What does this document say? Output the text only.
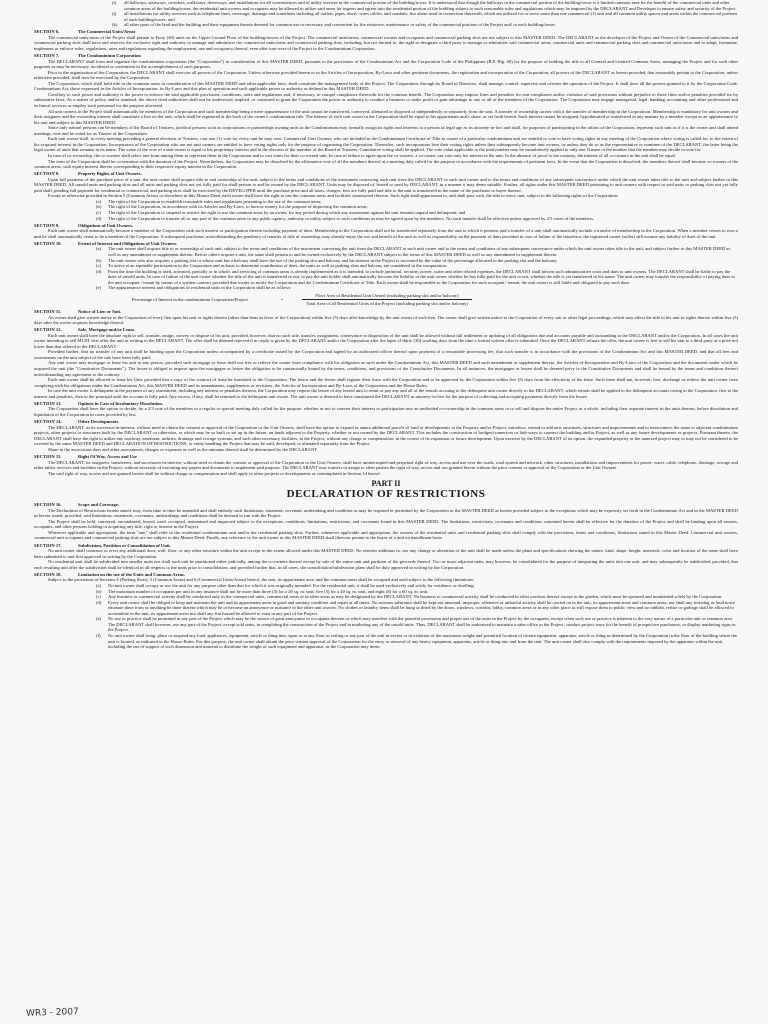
(i)	all hallways, stairways, corridors, walkways, driveways, and installations for all conveniences and of utility services in the commercial portion of the building/tower. It is understood that though the hallways in the commercial portion of the building/tower is a limited common area for the benefit of the commercial units and other common areas of the building/tower, the residential unit owners and occupants may be allowed to utilize said areas for ingress and egress into the residential portion of the building subject to such reasonable rules and regulations which may be imposed by the DECLARANT and Developer to ensure safety and security of the Project.
(j)	all installations for utility services such as telephone lines, sewerage, drainage and waterlines including all outlets, pipes, ducts, wires cables, and conduits, fire alarm used in connection therewith, which are utilized for or serve more than one commercial (1) unit and all common utility spaces and areas within the commercial portions of such building/tower; and
(k)	all other parts of the land and the building and their equipment therein deemed for common use or necessary and convenient for the existence, maintenance or safety of the commercial portions of the Project and/ or each building/tower.

SECTION 6.	The Commercial Units/Areas

The commercial units/areas of the Project shall pertain to Forty (40) units on the Upper Ground Floor of the building/towers of the Project. The commercial units/areas, commercial owners and occupants and commercial parking slots are not subject to this MASTER DEED. The DECLARANT as the developer of the Project and Owner of the Commercial units/areas and commercial parking slots shall have and reserves the exclusive right and authority to manage and administer the commercial units/areas and commercial parking slots, including, but not limited to, the right to designate a third party to manage or administer said commercial areas, commercial units and commercial parking slots and commercial units/areas and to adopt, formulate, implement or enforce rules, regulations, rates and regulations regarding the employment, use and occupancy thereof, even after turn-over of the Project to the Condominium Corporation.

SECTION 7.	The Condominium Corporation

The DECLARANT shall form and organize the condominium corporation (the "Corporation") in consideration of this MASTER DEED, pursuant to the provisions of the Condominium Act and the Corporation Code of the Philippines (B.P. Blg. 68) for the purpose of holding the title to all General and Limited Common Areas, managing the Project and for such other purposes as may be necessary, incidental or convenient to the accomplishment of such purposes.

Prior to the organization of the Corporation, the DECLARANT shall exercise all powers of the Corporation. Unless otherwise provided herein or in the Articles of Incorporation, By-Laws and other pertinent documents, the registration and incorporation of the Corporation, all powers of the DECLARANT as herein provided, that reasonably pertain to the Corporation, unless otherwise provided, shall now be exercised by the Corporation.

The Corporation, which shall hold title to the common areas in consideration of this MASTER DEED and other applicable laws, shall constitute the management body of the Project. The Corporation, through its Board of Directors, shall manage, control, supervise and oversee the operation of the Project. It shall have all the powers granted to it by the Corporation Code, Condominium Act, those expressed in the Articles of Incorporation, its By-Laws and this plan of operation and such applicable power or authority as defined in this MASTER DEED.

Corollary to such power and authority is the power to enforce the said applicable provisions, conditions, rules and regulations and, if necessary, to compel compliance therewith for the common benefit. The Corporation may impose fines and penalties for non-compliance and/or violation of said provisions without prejudice to those fines and/or penalties provided for by substantive laws. As a matter of policy and/or standard, the above cited authorities shall not be understood, implied, or construed to grant the Corporation the power or authority to conduct a business or make profit or gain advantage to any or all of the members of the Corporation. The Corporation may engage managerial, legal, banking, accounting and other professional and technical services or employ such personnel for the purpose aforesaid.

All unit owners in the Project shall automatically be members of the Corporation and such membership being a mere appurtenance of the unit cannot be transferred, conveyed, alienated or disposed of independently or separately from the unit. A transfer of ownership carries with it the transfer of membership in the Corporation. Membership is mandatory for unit owners and their assignees and the ownership interest shall constitute a lien on the unit, which shall be registered at the back of the owner's condominium title. The interest of each unit owner in the Corporation shall be equal to his appurtenant unit's share, as set forth herein. Such interest cannot be assigned, hypothecated or transferred in any manner by a member except as an appurtenance to his unit and subject to this MASTER DEED.

Since only natural persons can be members of the Board of Trustees, juridical persons such as corporations or partnerships owning units in the Condominium may formally assign its rights and interests to a person of legal age as its attorney-in-fact and shall, for purposes of participating in the affairs of the Corporation, represent such unit as if it is the owner and shall attend meetings, vote and be voted for as Trustee of the Corporation.

Each unit owner shall, in every meeting preceding a general elections of Trustees, cast one (1) vote for every unit he may own. Commercial Unit Owners, who are included in the Condominium Certificate of Title as owner of a particular condominium unit are entitled to vote to have voting rights in any meeting of the Corporation where voting is called for, to the extent of his acquired interest in the Corporation. Incorporators of the Corporation who are not unit owners are entitled to have voting rights only for the purpose of organizing the Corporation. Thereafter, such incorporators lose their voting rights unless they subsequently become unit owners, or unless they do so as the representative or nominee of the DECLARANT, the latter being the legal owner of units that remains in its name. The value of the vote of a unit owner is equal to his proprietary interest and in the election of the member of the Board of Trustees. Cumulative voting shall be applied. The vote value applicable to the total number may be cumulatively applied to only one Trustee or the number that the member may decide to vote for.

In case of co-ownership, the co-owners shall select one from among them to represent them in the Corporation and to cast votes for their co-owned unit. In case of failure to agree upon the co-owners, a co-owner can vote only his interest in the unit. In the absence of proof to the contrary, the interest of all co-owners in the unit shall be equal.

The term of the Corporation shall be co-terminus with the duration of the Project. Nevertheless, the Corporation may be dissolved by the affirmative vote of all the members thereof at a meeting duly called for the purpose in accordance with the requirements of pertinent laws. In the event that the Corporation is dissolved, the members thereof shall become co-owners of the common areas, with equity interest thereto corresponding to their respective equity interest in the Corporation.

SECTION 8.	Property Rights of Unit Owners.

Upon full payment of the purchase price of a unit, the unit owner shall acquire title to and ownership of the unit, subject to the terms and conditions of the instrument conveying such unit from the DECLARANT to such unit owner and to the terms and conditions of any subsequent conveyance under which the unit owner takes title to the unit and subject further to this MASTER DEED. All unsold units and parking slots and all units and parking slots not yet fully paid for shall pertain to and be owned by the DECLARANT. Units may be disposed of, leased or used by DECLARANT, in a manner it may deem suitable. Further, all rights under this MASTER DEED pertaining to unit owners with respect to said units or parking slots not yet fully paid shall, pending full payment for residential or commercial, and parking slots shall be exercised by the DEVELOPER until the purchase price and all taxes, charges, fees are fully paid and title to the unit is transferred in the name of the purchaser or buyer thereof.

Except as otherwise provided in Section 5 (Common Areas) or elsewhere in this Master Deed, each owner shall have the right to use the common areas and facilities constructed thereon. Such right shall appurtenant to, and shall pass with, the title to every unit, subject to the following rights of the Corporation:

(a)	The right of the Corporation to establish reasonable rules and regulations pertaining to the use of the common areas;
(b)	The right of the Corporation, in accordance with its Articles and By-Laws, to borrow money for the purpose of improving the common areas;
(c)	The right of the Corporation to suspend or restrict the right to use the common areas by an owner, for any period during which any assessment against his unit remains unpaid and delinquent; and
(d)	The right of the Corporation to transfer all or any part of the common areas to any public agency, authority or utility subject to such conditions as may be agreed upon by the members. No such transfer shall be effective unless approved by 2/3 votes of the members.

SECTION 9.	Obligations of Unit Owners.

Each unit owner shall automatically become a member of the Corporation with such interest or participation therein including payment of dues. Membership in the Corporation shall not be transferred separately from the unit to which it pertains and a transfer of a unit shall automatically include a transfer of membership in the Corporation. When a member ceases to own a unit he shall automatically cease to be a member of the Corporation. A subsequent purchaser, notwithstanding the pendency of transfer of title of ownership, may already enjoy the use and benefit of the unit as well as responsibility on the payment of dues provided in case of failure of the transferor, the registered owner (seller) still assume any liability of dues of the unit.

SECTION 10.	Extent of Interest and Obligations of Unit Owners.

(a)	The unit owner shall acquire title to or ownership of such unit, subject to the terms and conditions of the instrument conveying the unit from the DECLARANT to such unit owner and to the terms and conditions of any subsequent conveyance under which the unit owner takes title to the unit, and subject further to this MASTER DEED as well as any amendment or supplement thereto. Before others acquire a unit, the same shall pertain to and be owned exclusively by the DECLARANT subject to the terms of this MASTER DEED as well as any amendment or supplement thereto.
(b)	The unit owner who also acquires a parking slot or whose unit has a balcony shall have the use of the parking slot and balcony and his interest in the Project is increased by the value of the percentage allocated to the parking slot and the balcony.
(c)	To arrive at an equitable participation in the Corporation and as basis to determine contribution of dues, the units as well as parking slots and balcony are considered in the computation.
(d)	From the time the building is used, activated, partially or in whole, and servicing of common areas is already implemented as it is intended, to include janitorial, security, power, water and other related expenses, the DECLARANT shall inform such administrative costs and dues to unit owners. The DECLARANT shall be liable to pay the dues of unsold units. In case of failure of the unit owner whether the title of the unit is transferred or not, to pay the unit holder shall automatically become the liability of the unit owner whether he has fully paid for the unit or not, whether the title is yet transferred in his name. The unit owner may transfer the responsibility of paying dues to the unit occupant / tenant by means of a written contract provided that owner so notify the Corporation and the Condominium Certificate of Title. Each owner shall be responsible to the Corporation for such occupant / tenant, the unit owner is still liable and obligated to pay such dues.
(e)	The appurtenance interest and obligations of residential units in the Corporation shall be as follows:
Percentage of Interest in the condominium Corporation/Project	=
Floor Area of Residential Unit Owned (including parking slot and/or balcony)
Total Area of all Residential Units of the Project (including parking slot and/or balcony)

SECTION 11.	Notice of Lien or Suit.

An owner shall give written notice to the Corporation of every lien upon his unit or rights thereto (other than liens in favor of the Corporation) within five (5) days after knowledge by the unit owner of such lien. The owner shall give written notice to the Corporation of every suit or other legal proceedings, which may affect the title to his unit or rights thereto within five (5) days after the owner acquires knowledge thereof.

SECTION 12.	Sale, Mortgage and/or Lease.

Each unit owner shall have the absolute right to sell, transfer, assign, convey or dispose of his unit, provided, however, that no such sale, transfer, assignment, conveyance or disposition of the unit shall be allowed without full settlement or updating of all obligations due and accounts payable and outstanding to the DECLARANT and/or the Corporation. In all cases the unit owner intending to sell MUST first offer the unit in writing to the DECLARANT. The offer shall be deemed rejected if no reply is given by the DECLARANT and/or the Corporation after the lapse of thirty (30) working days from the time a formal written offer is submitted. Once the DECLARANT refuses the offer, the unit owner is free to sell his unit to a third party at a price not lower than that offered to the DECLARANT.

Provided further, that no transfer of any unit shall be binding upon the Corporation unless accompanied by a certificate issued by the Corporation and signed by an authorized officer thereof upon payment of a reasonable processing fee, that such transfer is in accordance with the provisions of the Condominium Act and this MASTER DEED, and that all fees and assessments on the unit subject of the sale have been fully paid.

Any unit owner may mortgage or lease his unit to any person, provided such mortgage or lease shall not free or relieve the owner from compliance with his obligation as such under the Condominium Act, this MASTER DEED and such amendment or supplement thereto, the Articles of Incorporation and By-Laws of the Corporation and the documents under which he acquired the unit (the "Constitutive Documents"). The lessee is obliged to impose upon the mortgagee or lessee the obligation to be contractually bound by the terms, conditions, and provisions of the Constitutive Documents. In all instances, the mortgagee or lessee shall be deemed privy to the Constitutive Documents and shall be bound by the terms and conditions thereof notwithstanding any agreement to the contrary.

Each unit owner shall be allowed to lease his Unit, provided that a copy of the contract of lease be furnished to the Corporation. The lessor and the lessee shall register their lease with the Corporation and to be approved by the Corporation within five (5) days from the effectivity of the lease. Such lease shall not, however, free, discharge or relieve the unit owner from complying with his obligations under the Condominium Act, this MASTER DEED and its amendments, supplements or revisions, the Articles of Incorporation and By-Laws of the Corporation and the House Rules.

In case the unit owner is delinquent in the payment of any assessment, including any interest or penalties thereon, the Corporation may require the lessee of any leased unit to remit or pay any and all of the rentals accruing to the delinquent unit owner directly to the DECLARANT, which rentals shall be applied to the delinquent accounts owing to the Corporation, first to the interest and penalties, then to the principal until the account is fully paid. Any excess, if any, shall be returned to the delinquent unit owner. The unit owner is deemed to have constituted the DECLARANT as attorney-in-fact for the purpose of collecting and accepting payments directly from the lessee.

SECTION 13.	Options in Case of Involuntary Dissolution.

The Corporation shall have the option to decide, by a 2/3 vote of the members in a regular or special meeting duly called for the purpose, whether or not to convert their interest or participation into an undivided co-ownership in the common areas or to sell and dispose the entire Project as a whole, including their separate interest in the units therein, before dissolution and liquidation of the Corporation in cases provided by law.

SECTION 14.	Other Developments

The DECLARANT, as its successor-in-interest, without need to obtain the consent or approval of the Corporation or the Unit Owners, shall have the option to expand or annex additional parcels of land or developments to the Property and/or Project, introduce, extend or add new structures, structures and improvements and to interconnect the same to adjacent condominium projects, other projects or structures built by the DECLARANT or otherwise, or which may be so built or set up in the future, on lands adjacent to the Property, whether or not owned by the DECLARANT. This includes the construction of bridges/connectors or link-ways to connect the building and/or Project, as well as any future developments or projects. Pursuant thereto, the DECLARANT shall have the right to utilize any roadway, easement, utilities, drainage and sewage systems, and such other necessary facilities, in the Project, without any charge or compensation, in the course of its expansion or future development. Upon exercise by the DECLARANT of its option, the expanded property or the annexed project may or may not be considered to be covered by the same MASTER DEED and DECLARATION OF RESTRICTIONS, or entity handling the Project that may be sold, developed, or alienated separately from the Project.

Share in the association dues and other assessments, charges or expenses as well as the amounts thereof shall be determined by the DECLARANT.

SECTION 15.	Right Of Way, Access and Use

The DECLARANT, its assignees, transferees, and successors-in-interest, without need to obtain the consent or approval of the Corporation or the Unit Owners, shall have uninterrupted and perpetual right of way, access and use over the roads, road system and network, other structures, installations and improvements for power, water, cable, telephone, drainage, sewage and other utility services and facilities in the Project, without necessity of executing any papers and documents to implement said purpose. The DECLARANT may transfer or assign to other parties the right of way, access and use granted herein without the prior consent or approval of the Corporation or the Unit Owners.

The said right of way, access and use granted herein shall be without charge or compensation and shall apply to other projects or developments as contemplated in Section 14 hereof.

PART II
DECLARATION OF RESTRICTIONS

SECTION 16.	Scope and Coverage.

The Declaration of Restrictions herein stated, may, from time to time be amended and shall embody such limitations, easement, covenant, undertaking and condition as may be required or permitted by the Corporation or the MASTER DEED as herein provided subject to the exceptions which may be expressly set forth in the Condominium Act and in the MASTER DEED as herein stated; provided, said limitations, easements, covenants, undertakings and conditions shall be deemed to run with the Project.

The Project shall be held, conveyed, encumbered, leased, used, occupied, maintained and improved subject to the exceptions, conditions, limitations, restrictions, and covenants found in this MASTER DEED. The limitations, restrictions, covenants and conditions contained herein shall be effective for the duration of the Project and shall be binding upon all owners, occupants, and other persons holding or acquiring any title, right or interest in the Project.

Wherever applicable and appropriate, the term "unit" shall refer to the residential condominium unit and/or the residential parking slots. Further, whenever applicable and appropriate, the owners of the residential units and residential parking slots shall comply with the provisions, terms and conditions, limitations stated in this Master Deed. Commercial unit owners, commercial unit occupants and commercial parking slots are not subject to this Master Deed. Finally, any reference to the unit owner in this MASTER DEED shall likewise pertain to the buyer of a unit on installment basis.

SECTION 17.	Subdivision, Partition or Consolidation of Unit.

No unit owner shall construct or erect any additional door, wall, floor, or any other structure within the unit except to the extent allowed under this MASTER DEED. No exterior additions to, nor any change or alteration of the unit shall be made unless the plans and specifications showing the nature, kind, shape, height, materials, color and location of the same shall have been submitted to and first approved in writing by the Corporation.

No residential unit shall be subdivided into smaller units nor shall such unit be partitioned either judicially, among the co-owners thereof except by sale of the entire unit and partition of the proceeds thereof. Two or more adjacent units, may however, be consolidated for the purpose of integrating the units into one unit, and may subsequently be subdivided, provided, that each resulting unit after the subdivision shall be identical in all respects to the units prior to consolidation, and provided further that, in all cases, the consolidation/subdivision plans shall be duly approved in writing by the Corporation.

SECTION 18.	Limitation on the use of the Units and Common Areas.

Subject to the provisions of Sections 4 (Parking Slots), 5 (Common Areas) and 6 (Commercial Units/Areas) hereof, the unit, its appurtenant area, and the common areas shall be occupied and used subject to the following limitations:

(a)	No unit owner shall occupy or use the unit for any purpose other than that for which it was originally intended. For the residential unit, it shall be used exclusively and solely for residence or dwelling.
(b)	The maximum number of occupants per unit in any instance shall not be more than three (3) for a 20 sq. m. unit; five (5) for a 40 sq. m. unit, and eight (8) for a 60 sq. m. unit.
(c)	Any business or commercial activity shall be conducted only in the commercial units, commercial areas or in other areas as may be designated by the DECLARANT. No business or commercial activity shall be conducted in other portions thereof except in the garden, which must be operated and maintained solely by the Corporation.
(d)	Every unit owner shall be obliged to keep and maintain the unit and its appurtenant areas in good and sanitary condition and repair at all times. No noxious substance shall be kept nor unsound, improper, offensive or unlawful activity shall be carried on in the unit, its appurtenant areas and common areas, nor shall any irritating or loud noise emanate there from or anything be done therein which may be or become an annoyance or nuisance to the other unit owners. No clothes or laundry items shall be hung or dried by the doors, windows, corridor, lobby, common areas or in any other place as will expose them to public view and no rubbish, refuse or garbage shall be allowed to accumulate in the unit, its appurtenant areas nor shall any fire hazard be allowed to exist in any part of the Project.
(e)	No use or practice shall be permitted in any part of the Project which may be the source of great annoyance to occupants thereon or which may interfere with the peaceful possession and proper use of the units in the Project by the occupants, except when such use or practice is inherent to the very nature of a particular unit or common area. The DECLARANT shall however, use any part of the Project, except sold units, in completing the construction of the Project and in marketing any of the unsold units. Thus, DECLARANT shall be authorized to maintain a sales office in the Project, conduct project tours for the benefit of prospective purchasers, or display marketing signs in the Project.
(f)	No unit owner shall bring, place or suspend any load, appliances, equipment, article or thing into, upon or at any floor or ceiling or any part of the unit in excess or in violation of the maximum weight and permitted location of certain equipment, apparatus, article or thing as determined by the Corporation in the floor of the building where the unit is located, as indicated in the House Rules. For this purpose, the unit owner shall obtain the prior written approval of the Corporation for the entry or removal of any heavy equipment, apparatus, article or thing into and from the unit. The unit owner shall also comply with the requirements imposed by the apparatus within the unit, including the use of support of such dimension and material to distribute the weight of such equipment and apparatus, as the Corporation may deem
WR3 - 2007
